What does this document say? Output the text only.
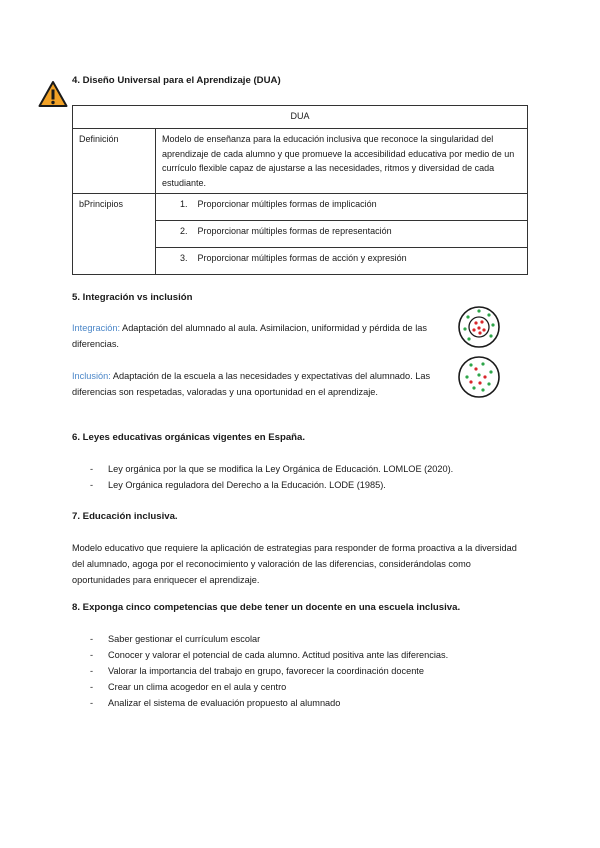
4. Diseño Universal para el Aprendizaje (DUA)
DUA	
Definición	Modelo de enseñanza para la educación inclusiva que reconoce la singularidad del aprendizaje de cada alumno y que promueve la accesibilidad educativa por medio de un currículo flexible capaz de ajustarse a las necesidades, ritmos y diversidad de cada estudiante.
bPrincipios	1.    Proporcionar múltiples formas de implicación
	2.    Proporcionar múltiples formas de representación
	3.    Proporcionar múltiples formas de acción y expresión
5. Integración vs inclusión
Integración: Adaptación del alumnado al aula. Asimilacion, uniformidad y pérdida de las diferencias.
Inclusión: Adaptación de la escuela a las necesidades y expectativas del alumnado. Las diferencias son respetadas, valoradas y una oportunidad en el aprendizaje.
6. Leyes educativas orgánicas vigentes en España.
- Ley orgánica por la que se modifica la Ley Orgánica de Educación. LOMLOE (2020).
- Ley Orgánica reguladora del Derecho a la Educación. LODE (1985).
7. Educación inclusiva.
Modelo educativo que requiere la aplicación de estrategias para responder de forma proactiva a la diversidad del alumnado, agoga por el reconocimiento y valoración de las diferencias, considerándolas como oportunidades para enriquecer el aprendizaje.
8. Exponga cinco competencias que debe tener un docente en una escuela inclusiva.
- Saber gestionar el currículum escolar
- Conocer y valorar el potencial de cada alumno. Actitud positiva ante las diferencias.
- Valorar la importancia del trabajo en grupo, favorecer la coordinación docente
- Crear un clima acogedor en el aula y centro
- Analizar el sistema de evaluación propuesto al alumnado
